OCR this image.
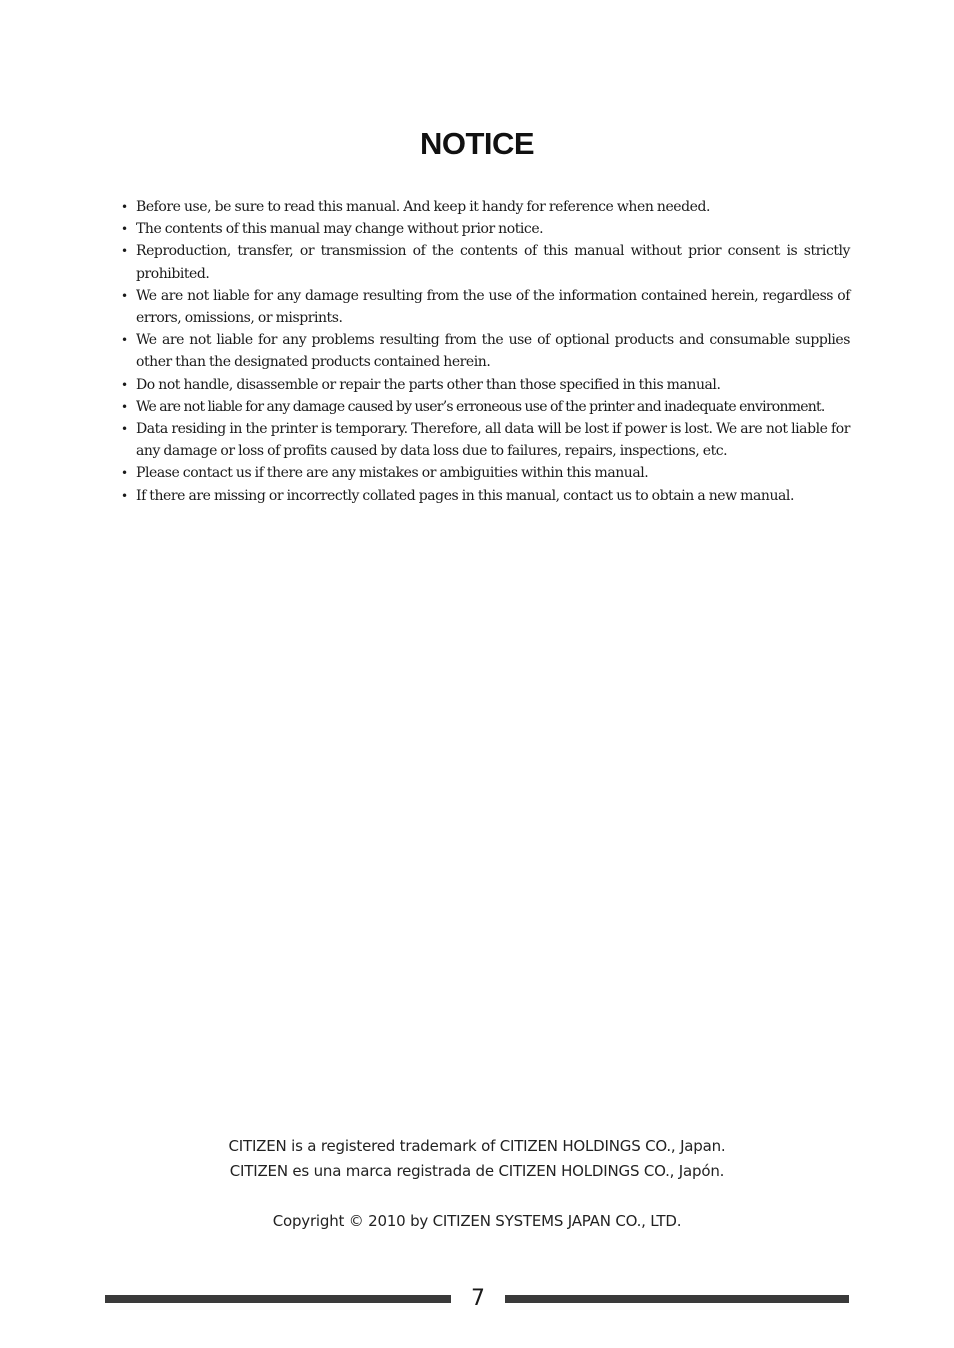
NOTICE
• Before use, be sure to read this manual. And keep it handy for reference when needed.
• The contents of this manual may change without prior notice.
• Reproduction, transfer, or transmission of the contents of this manual without prior consent is strictly prohibited.
• We are not liable for any damage resulting from the use of the information contained herein, regardless of errors, omissions, or misprints.
• We are not liable for any problems resulting from the use of optional products and consumable supplies other than the designated products contained herein.
• Do not handle, disassemble or repair the parts other than those specified in this manual.
• We are not liable for any damage caused by user’s erroneous use of the printer and inadequate environment.
• Data residing in the printer is temporary. Therefore, all data will be lost if power is lost. We are not liable for any damage or loss of profits caused by data loss due to failures, repairs, inspections, etc.
• Please contact us if there are any mistakes or ambiguities within this manual.
• If there are missing or incorrectly collated pages in this manual, contact us to obtain a new manual.
CITIZEN is a registered trademark of CITIZEN HOLDINGS CO., Japan.
CITIZEN es una marca registrada de CITIZEN HOLDINGS CO., Japón.
Copyright © 2010 by CITIZEN SYSTEMS JAPAN CO., LTD.
7
